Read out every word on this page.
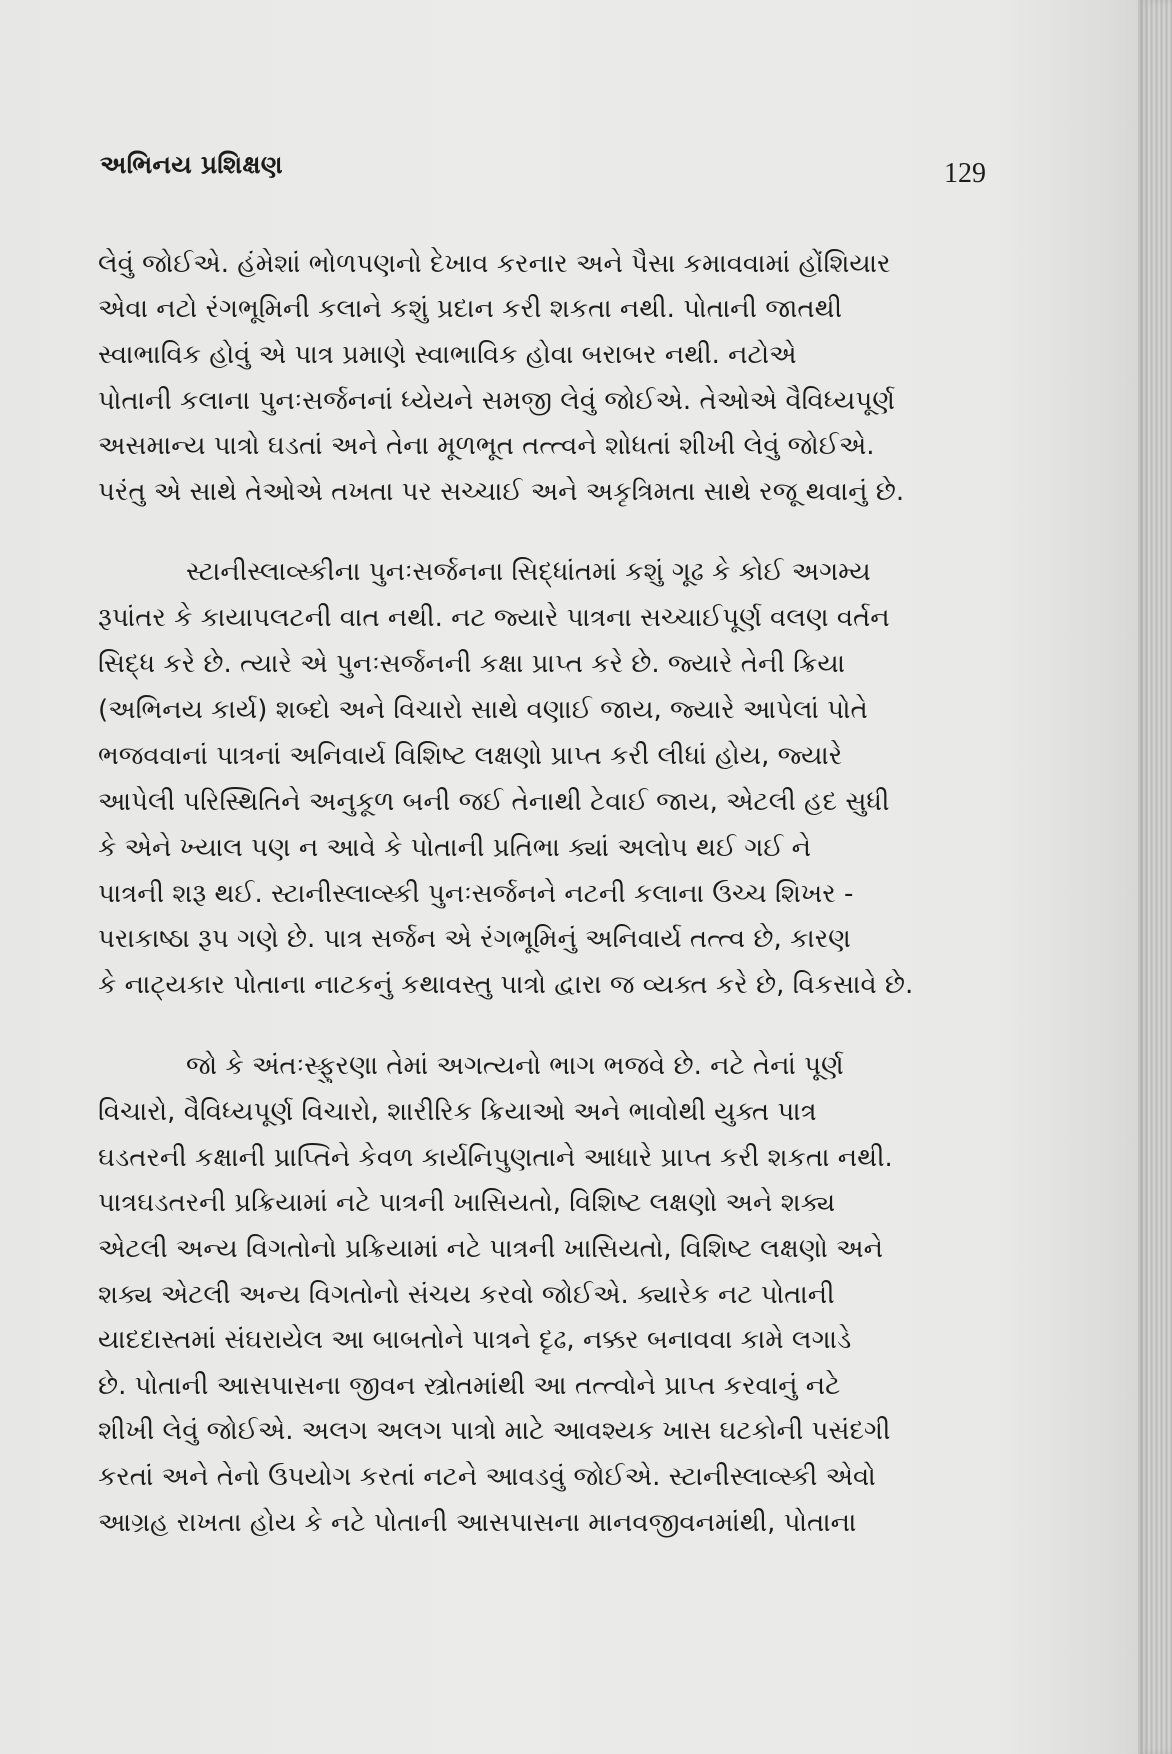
અભિનય પ્રશિક્ષણ	129
લેવું જોઈએ. હંમેશાં ભોળપણનો દેખાવ કરનાર અને પૈસા કમાવવામાં હોંશિયાર
એવા નટો રંગભૂમિની કલાને કશું પ્રદાન કરી શકતા નથી. પોતાની જાતથી
સ્વાભાવિક હોવું એ પાત્ર પ્રમાણે સ્વાભાવિક હોવા બરાબર નથી. નટોએ
પોતાની કલાના પુનઃસર્જનનાં ધ્યેયને સમજી લેવું જોઈએ. તેઓએ વૈવિધ્યપૂર્ણ
અસમાન્ય પાત્રો ઘડતાં અને તેના મૂળભૂત તત્ત્વને શોધતાં શીખી લેવું જોઈએ.
પરંતુ એ સાથે તેઓએ તખતા પર સચ્ચાઈ અને અકૃત્રિમતા સાથે રજૂ થવાનું છે.
સ્ટાનીસ્લાવ્સ્કીના પુનઃસર્જનના સિદ્ધાંતમાં કશું ગૂઢ કે કોઈ અગમ્ય
રૂપાંતર કે કાયાપલટની વાત નથી. નટ જ્યારે પાત્રના સચ્ચાઈપૂર્ણ વલણ વર્તન
સિદ્ધ કરે છે. ત્યારે એ પુનઃસર્જનની કક્ષા પ્રાપ્ત કરે છે. જ્યારે તેની ક્રિયા
(અભિનય કાર્ય) શબ્દો અને વિચારો સાથે વણાઈ જાય, જ્યારે આપેલાં પોતે
ભજવવાનાં પાત્રનાં અનિવાર્ય વિશિષ્ટ લક્ષણો પ્રાપ્ત કરી લીધાં હોય, જ્યારે
આપેલી પરિસ્થિતિને અનુકૂળ બની જઈ તેનાથી ટેવાઈ જાય, એટલી હદ સુધી
કે એને ખ્યાલ પણ ન આવે કે પોતાની પ્રતિભા ક્યાં અલોપ થઈ ગઈ ને
પાત્રની શરૂ થઈ. સ્ટાનીસ્લાવ્સ્કી પુનઃસર્જનને નટની કલાના ઉચ્ચ શિખર -
પરાકાષ્ઠા રૂપ ગણે છે. પાત્ર સર્જન એ રંગભૂમિનું અનિવાર્ય તત્ત્વ છે, કારણ
કે નાટ્યકાર પોતાના નાટકનું કથાવસ્તુ પાત્રો દ્વારા જ વ્યક્ત કરે છે, વિકસાવે છે.
જો કે અંતઃસ્ફુરણા તેમાં અગત્યનો ભાગ ભજવે છે. નટે તેનાં પૂર્ણ
વિચારો, વૈવિધ્યપૂર્ણ વિચારો, શારીરિક ક્રિયાઓ અને ભાવોથી યુક્ત પાત્ર
ઘડતરની કક્ષાની પ્રાપ્તિને કેવળ કાર્યનિપુણતાને આધારે પ્રાપ્ત કરી શકતા નથી.
પાત્રઘડતરની પ્રક્રિયામાં નટે પાત્રની ખાસિયતો, વિશિષ્ટ લક્ષણો અને શક્ય
એટલી અન્ય વિગતોનો પ્રક્રિયામાં નટે પાત્રની ખાસિયતો, વિશિષ્ટ લક્ષણો અને
શક્ય એટલી અન્ય વિગતોનો સંચય કરવો જોઈએ. ક્યારેક નટ પોતાની
યાદદાસ્તમાં સંઘરાયેલ આ બાબતોને પાત્રને દૃઢ, નક્કર બનાવવા કામે લગાડે
છે. પોતાની આસપાસના જીવન સ્ત્રોતમાંથી આ તત્ત્વોને પ્રાપ્ત કરવાનું નટે
શીખી લેવું જોઈએ. અલગ અલગ પાત્રો માટે આવશ્યક ખાસ ઘટકોની પસંદગી
કરતાં અને તેનો ઉપયોગ કરતાં નટને આવડવું જોઈએ. સ્ટાનીસ્લાવ્સ્કી એવો
આગ્રહ રાખતા હોય કે નટે પોતાની આસપાસના માનવજીવનમાંથી, પોતાના
